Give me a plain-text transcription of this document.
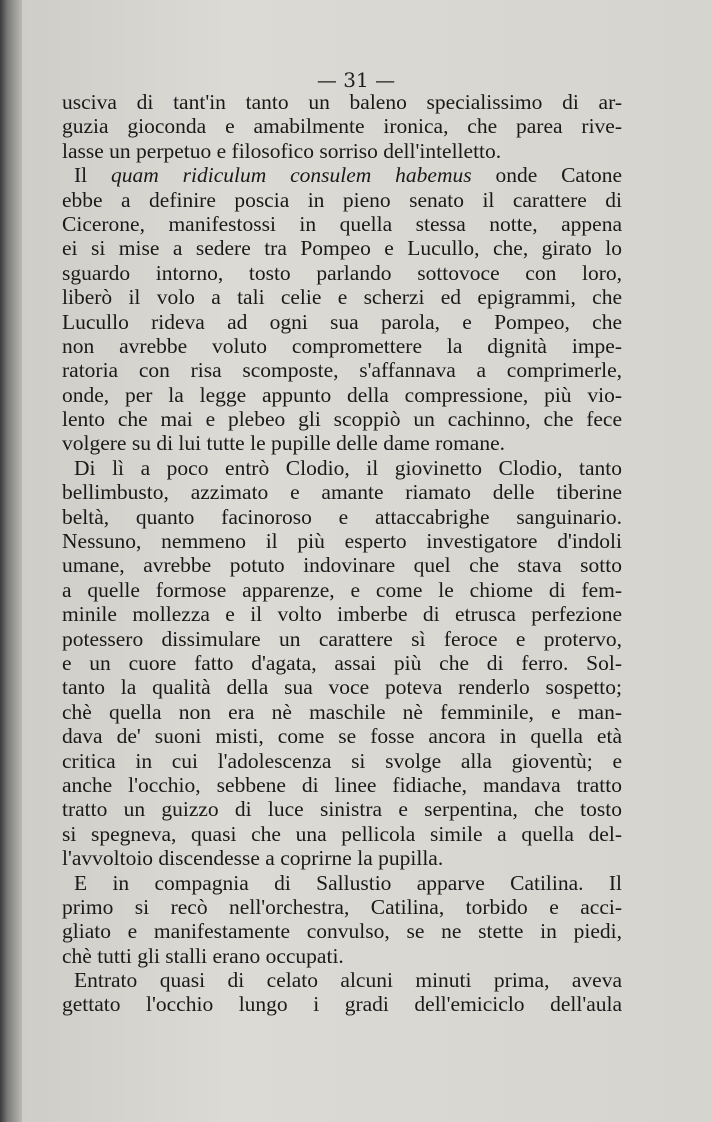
— 31 —

usciva di tant'in tanto un baleno specialissimo di ar-

guzia gioconda e amabilmente ironica, che parea rive-

lasse un perpetuo e filosofico sorriso dell'intelletto.

Il quam ridiculum consulem habemus onde Catone

ebbe a definire poscia in pieno senato il carattere di

Cicerone, manifestossi in quella stessa notte, appena

ei si mise a sedere tra Pompeo e Lucullo, che, girato lo

sguardo intorno, tosto parlando sottovoce con loro,

liberò il volo a tali celie e scherzi ed epigrammi, che

Lucullo rideva ad ogni sua parola, e Pompeo, che

non avrebbe voluto compromettere la dignità impe-

ratoria con risa scomposte, s'affannava a comprimerle,

onde, per la legge appunto della compressione, più vio-

lento che mai e plebeo gli scoppiò un cachinno, che fece

volgere su di lui tutte le pupille delle dame romane.

Di lì a poco entrò Clodio, il giovinetto Clodio, tanto

bellimbusto, azzimato e amante riamato delle tiberine

beltà, quanto facinoroso e attaccabrighe sanguinario.

Nessuno, nemmeno il più esperto investigatore d'indoli

umane, avrebbe potuto indovinare quel che stava sotto

a quelle formose apparenze, e come le chiome di fem-

minile mollezza e il volto imberbe di etrusca perfezione

potessero dissimulare un carattere sì feroce e protervo,

e un cuore fatto d'agata, assai più che di ferro. Sol-

tanto la qualità della sua voce poteva renderlo sospetto;

chè quella non era nè maschile nè femminile, e man-

dava de' suoni misti, come se fosse ancora in quella età

critica in cui l'adolescenza si svolge alla gioventù; e

anche l'occhio, sebbene di linee fidiache, mandava tratto

tratto un guizzo di luce sinistra e serpentina, che tosto

si spegneva, quasi che una pellicola simile a quella del-

l'avvoltoio discendesse a coprirne la pupilla.

E in compagnia di Sallustio apparve Catilina. Il

primo si recò nell'orchestra, Catilina, torbido e acci-

gliato e manifestamente convulso, se ne stette in piedi,

chè tutti gli stalli erano occupati.

Entrato quasi di celato alcuni minuti prima, aveva

gettato l'occhio lungo i gradi dell'emiciclo dell'aula
